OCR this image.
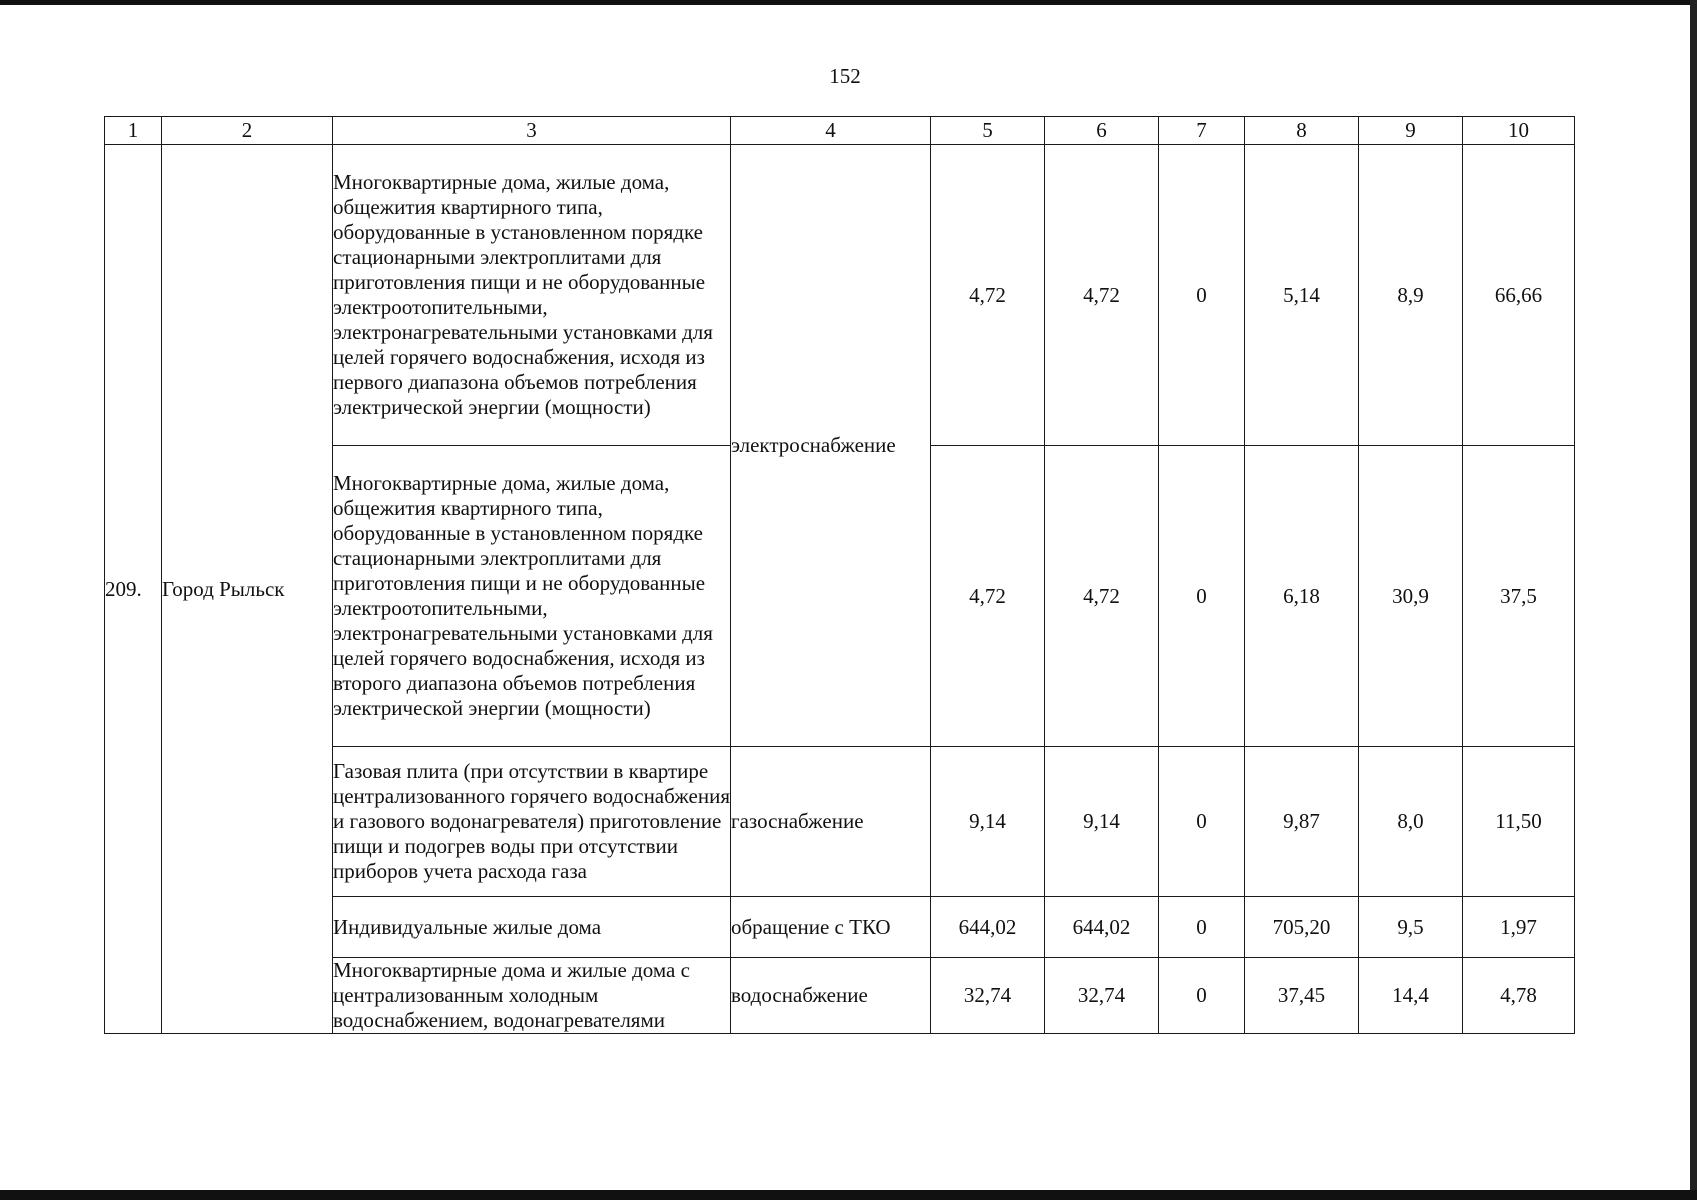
152
1	2	3	4	5	6	7	8	9	10
209.	Город Рыльск	Многоквартирные дома, жилые дома, общежития квартирного типа, оборудованные в установленном порядке стационарными электроплитами для приготовления пищи и не оборудованные электроотопительными, электронагревательными установками для целей горячего водоснабжения, исходя из первого диапазона объемов потребления электрической энергии (мощности)	электроснабжение	4,72	4,72	0	5,14	8,9	66,66
		Многоквартирные дома, жилые дома, общежития квартирного типа, оборудованные в установленном порядке стационарными электроплитами для приготовления пищи и не оборудованные электроотопительными, электронагревательными установками для целей горячего водоснабжения, исходя из второго диапазона объемов потребления электрической энергии (мощности)		4,72	4,72	0	6,18	30,9	37,5
		Газовая плита (при отсутствии в квартире централизованного горячего водоснабжения и газового водонагревателя) приготовление пищи и подогрев воды при отсутствии приборов учета расхода газа	газоснабжение	9,14	9,14	0	9,87	8,0	11,50
		Индивидуальные жилые дома	обращение с ТКО	644,02	644,02	0	705,20	9,5	1,97
		Многоквартирные дома и жилые дома с централизованным холодным водоснабжением, водонагревателями	водоснабжение	32,74	32,74	0	37,45	14,4	4,78
